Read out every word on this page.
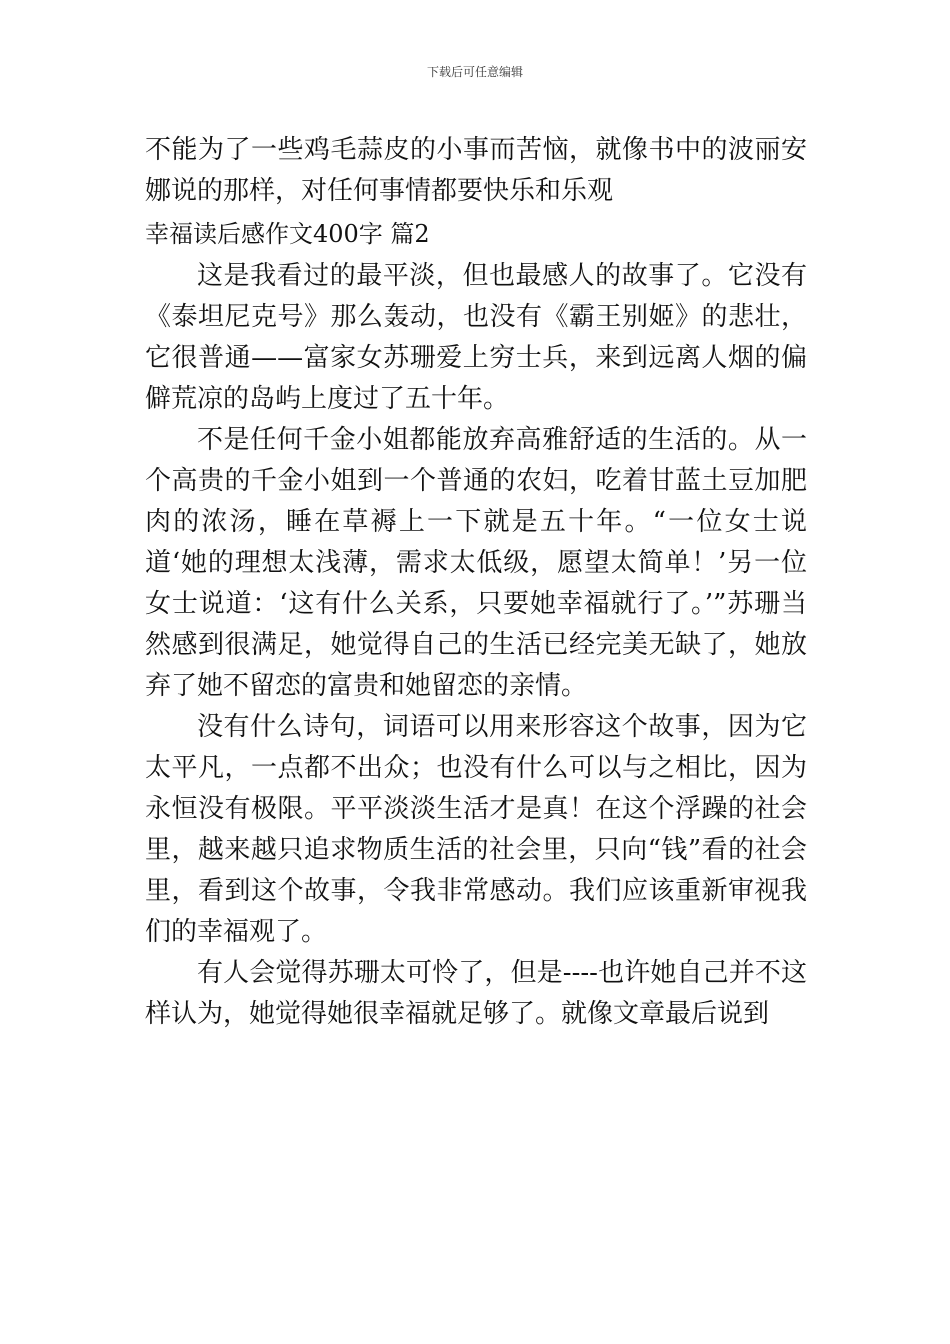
下载后可任意编辑

不能为了一些鸡毛蒜皮的小事而苦恼，就像书中的波丽安娜说的那样，对任何事情都要快乐和乐观

幸福读后感作文400字 篇2

这是我看过的最平淡，但也最感人的故事了。它没有《泰坦尼克号》那么轰动，也没有《霸王别姬》的悲壮，它很普通——富家女苏珊爱上穷士兵，来到远离人烟的偏僻荒凉的岛屿上度过了五十年。

不是任何千金小姐都能放弃高雅舒适的生活的。从一个高贵的千金小姐到一个普通的农妇，吃着甘蓝土豆加肥肉的浓汤，睡在草褥上一下就是五十年。“一位女士说道‘她的理想太浅薄，需求太低级，愿望太简单！’另一位女士说道：‘这有什么关系，只要她幸福就行了。’”苏珊当然感到很满足，她觉得自己的生活已经完美无缺了，她放弃了她不留恋的富贵和她留恋的亲情。

没有什么诗句，词语可以用来形容这个故事，因为它太平凡，一点都不出众；也没有什么可以与之相比，因为永恒没有极限。平平淡淡生活才是真！在这个浮躁的社会里，越来越只追求物质生活的社会里，只向“钱”看的社会里，看到这个故事，令我非常感动。我们应该重新审视我们的幸福观了。

有人会觉得苏珊太可怜了，但是----也许她自己并不这样认为，她觉得她很幸福就足够了。就像文章最后说到
